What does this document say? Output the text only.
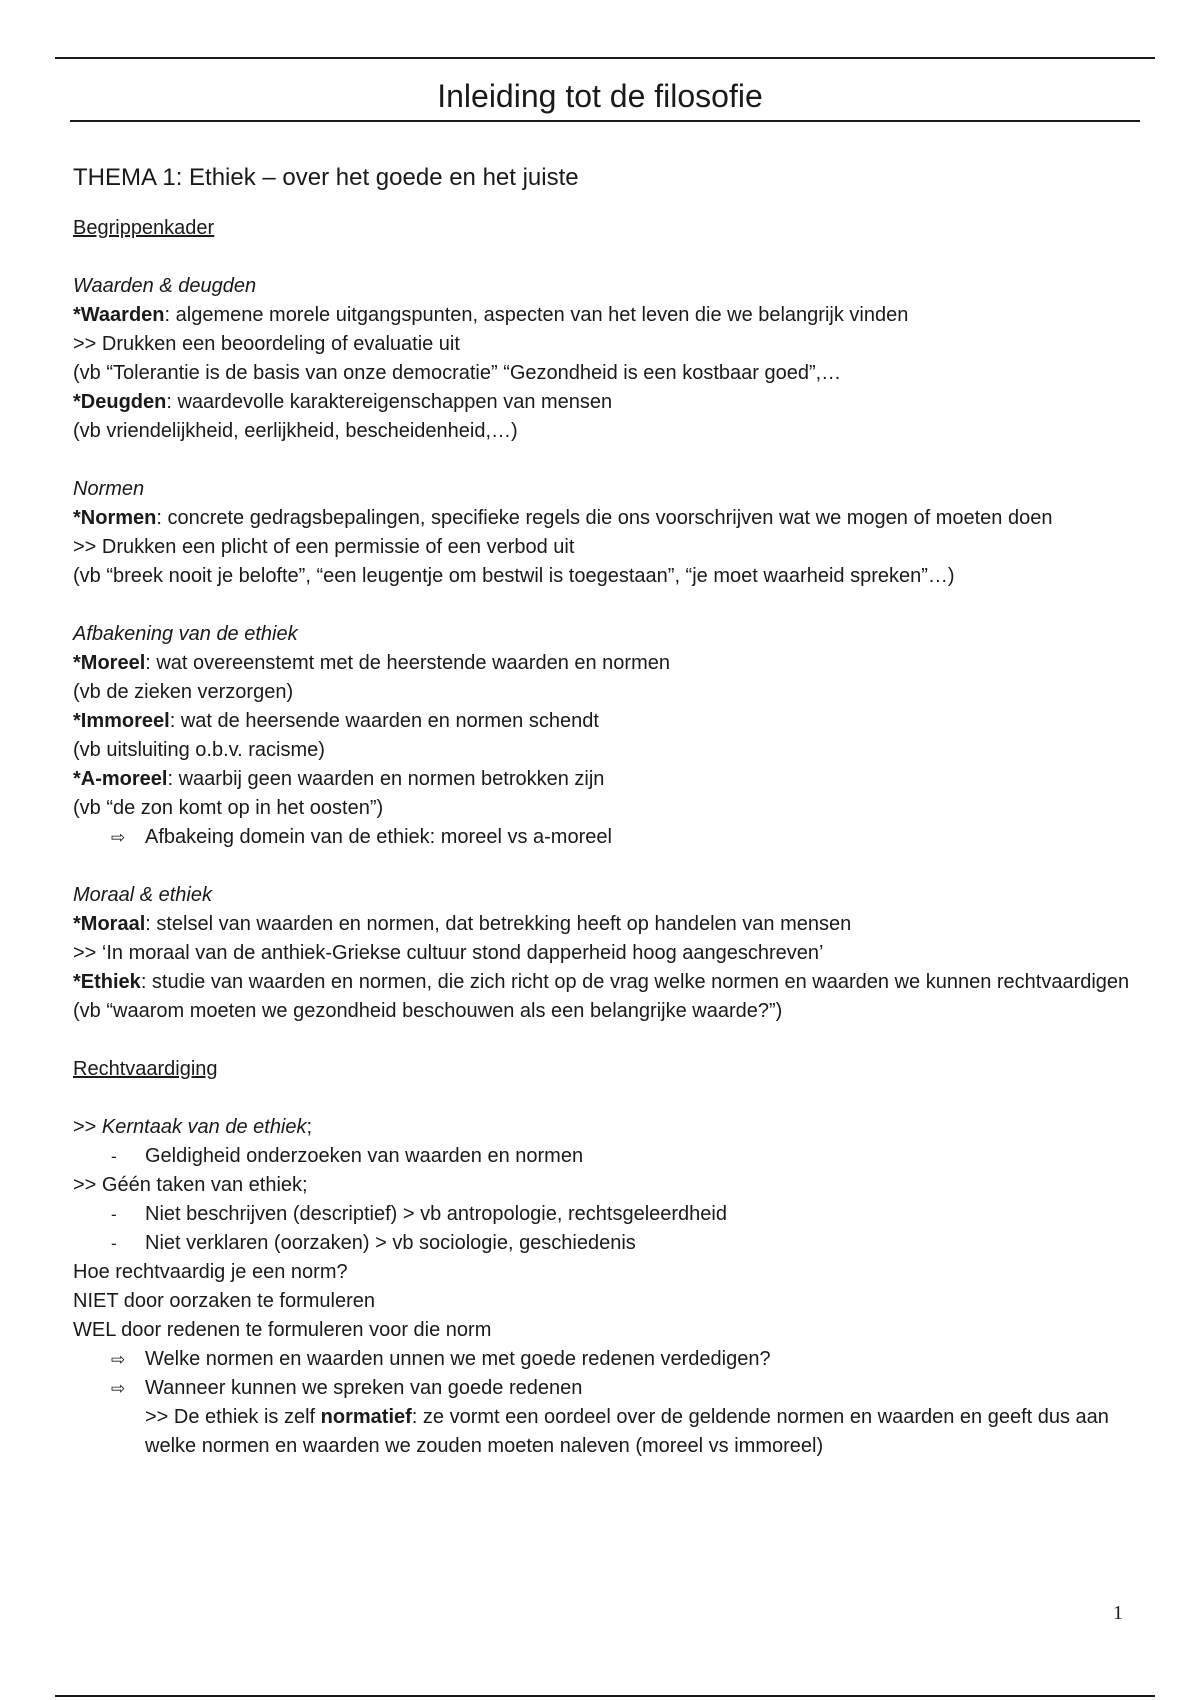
Inleiding tot de filosofie
THEMA 1: Ethiek – over het goede en het juiste

Begrippenkader

Waarden & deugden

*Waarden: algemene morele uitgangspunten, aspecten van het leven die we belangrijk vinden

>> Drukken een beoordeling of evaluatie uit

(vb “Tolerantie is de basis van onze democratie” “Gezondheid is een kostbaar goed”,…

*Deugden: waardevolle karaktereigenschappen van mensen

(vb vriendelijkheid, eerlijkheid, bescheidenheid,…)

Normen

*Normen: concrete gedragsbepalingen, specifieke regels die ons voorschrijven wat we mogen of moeten doen

>> Drukken een plicht of een permissie of een verbod uit

(vb “breek nooit je belofte”, “een leugentje om bestwil is toegestaan”, “je moet waarheid spreken”…)

Afbakening van de ethiek

*Moreel: wat overeenstemt met de heerstende waarden en normen

(vb de zieken verzorgen)

*Immoreel: wat de heersende waarden en normen schendt

(vb uitsluiting o.b.v. racisme)

*A-moreel: waarbij geen waarden en normen betrokken zijn

(vb “de zon komt op in het oosten”)

⇨ Afbakeing domein van de ethiek: moreel vs a-moreel

Moraal & ethiek

*Moraal: stelsel van waarden en normen, dat betrekking heeft op handelen van mensen

>> ‘In moraal van de anthiek-Griekse cultuur stond dapperheid hoog aangeschreven’

*Ethiek: studie van waarden en normen, die zich richt op de vrag welke normen en waarden we kunnen rechtvaardigen

(vb “waarom moeten we gezondheid beschouwen als een belangrijke waarde?”)

Rechtvaardiging

>> Kerntaak van de ethiek;

- Geldigheid onderzoeken van waarden en normen

>> Géén taken van ethiek;

- Niet beschrijven (descriptief) > vb antropologie, rechtsgeleerdheid

- Niet verklaren (oorzaken) > vb sociologie, geschiedenis

Hoe rechtvaardig je een norm?

NIET door oorzaken te formuleren

WEL door redenen te formuleren voor die norm

⇨ Welke normen en waarden unnen we met goede redenen verdedigen?

⇨ Wanneer kunnen we spreken van goede redenen

>> De ethiek is zelf normatief: ze vormt een oordeel over de geldende normen en waarden en geeft dus aan welke normen en waarden we zouden moeten naleven (moreel vs immoreel)

1
